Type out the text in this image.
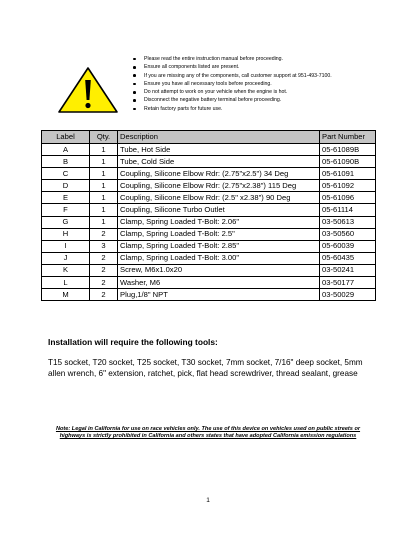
Please read the entire instruction manual before proceeding.
Ensure all components listed are present.
If you are missing any of the components, call customer support at 951-493-7100.
Ensure you have all necessary tools before proceeding.
Do not attempt to work on your vehicle when the engine is hot.
Disconnect the negative battery terminal before proceeding.
Retain factory parts for future use.
Label	Qty.	Description	Part Number
A	1	Tube, Hot Side	05-61089B
B	1	Tube, Cold Side	05-61090B
C	1	Coupling, Silicone Elbow Rdr: (2.75"x2.5") 34 Deg	05-61091
D	1	Coupling, Silicone Elbow Rdr: (2.75"x2.38") 115 Deg	05-61092
E	1	Coupling, Silicone Elbow Rdr: (2.5" x2.38") 90 Deg	05-61096
F	1	Coupling, Silicone Turbo Outlet	05-61114
G	1	Clamp, Spring Loaded T-Bolt: 2.06"	03-50613
H	2	Clamp, Spring Loaded T-Bolt: 2.5"	03-50560
I	3	Clamp, Spring Loaded T-Bolt: 2.85"	05-60039
J	2	Clamp, Spring Loaded T-Bolt: 3.00"	05-60435
K	2	Screw, M6x1.0x20	03-50241
L	2	Washer, M6	03-50177
M	2	Plug,1/8" NPT	03-50029

Installation will require the following tools:

T15 socket, T20 socket, T25 socket, T30 socket, 7mm socket, 7/16" deep socket, 5mm allen wrench, 6" extension, ratchet, pick, flat head screwdriver, thread sealant, grease

Note: Legal in California for use on race vehicles only. The use of this device on vehicles used on public streets or highways is strictly prohibited in California and others states that have adopted California emission regulations

1
